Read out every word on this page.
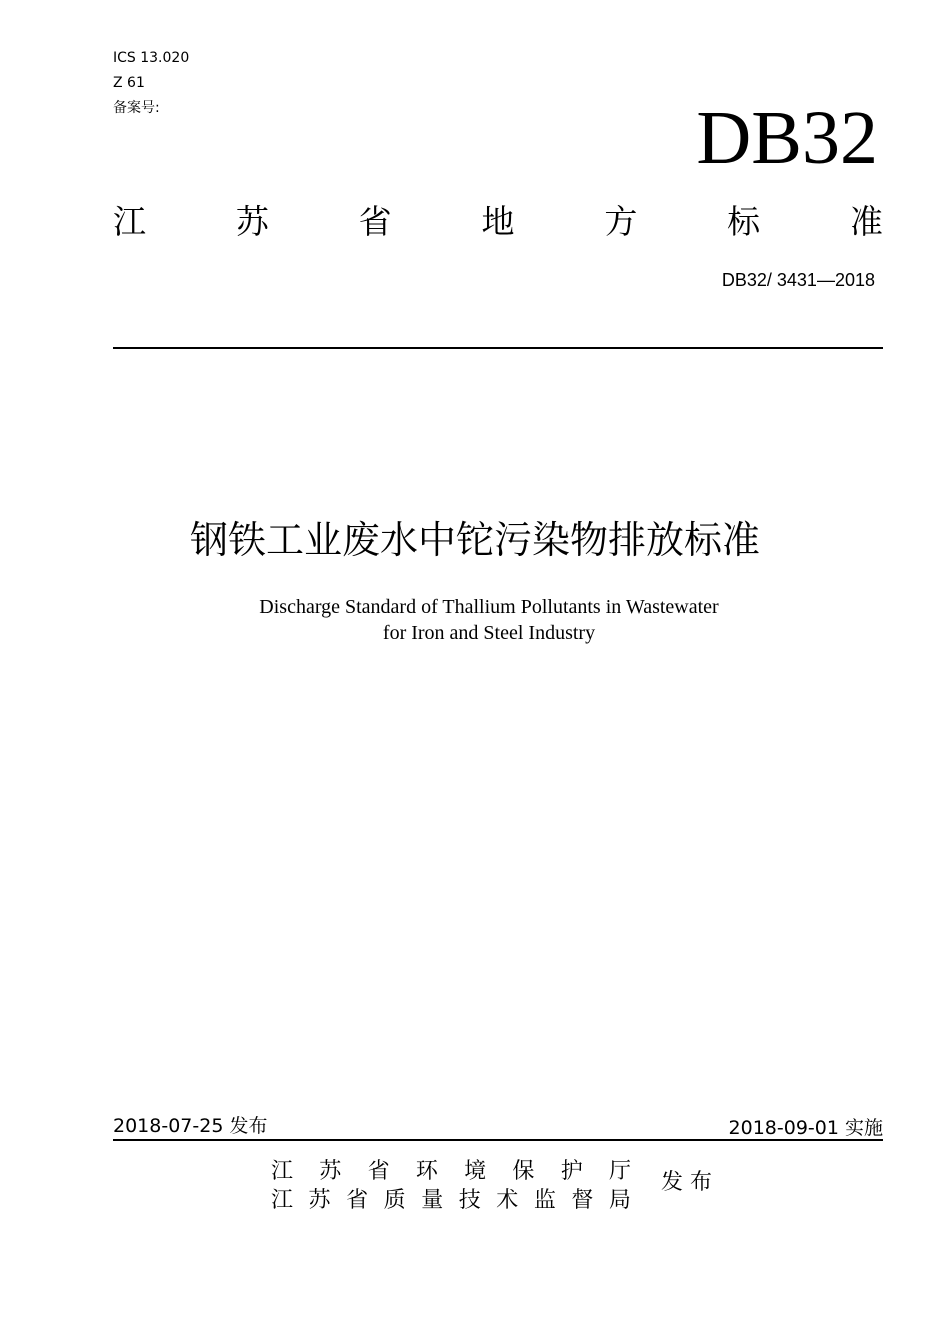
ICS 13.020
Z 61
备案号:	DB32
江	苏	省	地	方	标	准
DB32/ 3431—2018
钢铁工业废水中铊污染物排放标准
Discharge Standard of Thallium Pollutants in Wastewater
for Iron and Steel Industry
2018-07-25 发布	2018-09-01 实施
江 苏 省 环 境 保 护 厅
江 苏 省 质 量 技 术 监 督 局
发布
